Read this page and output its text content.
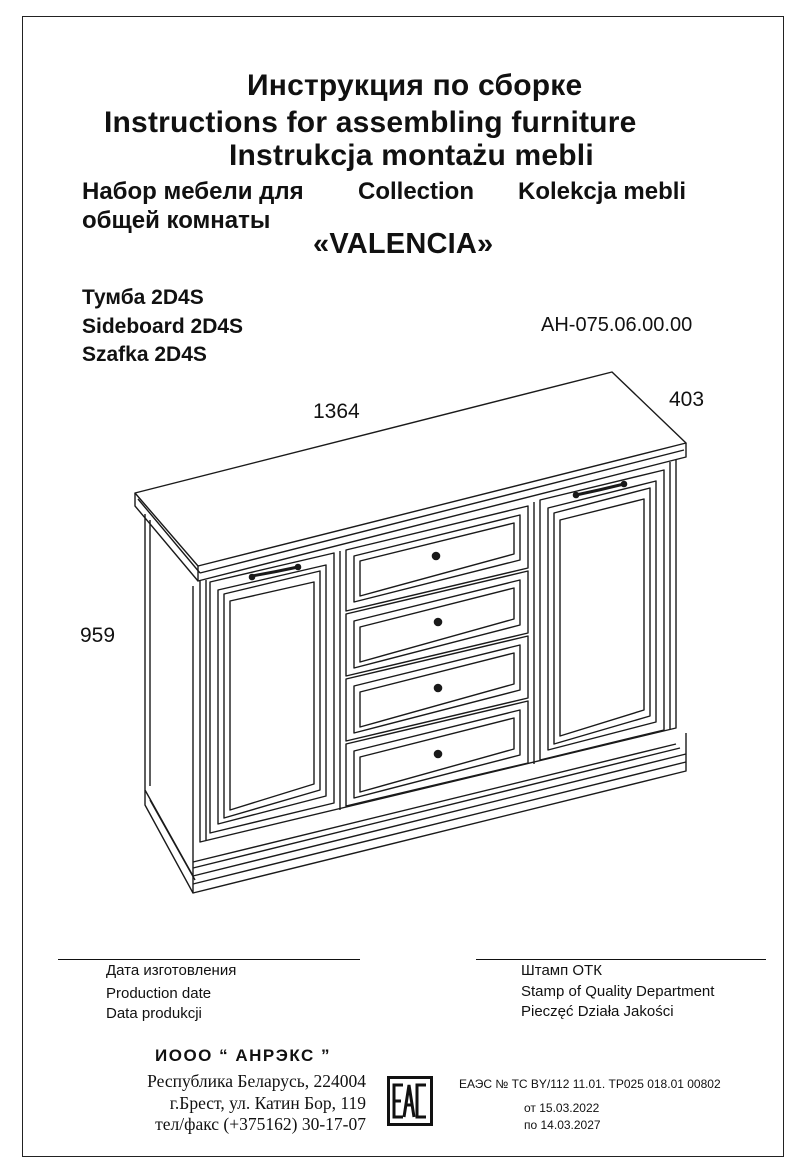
Инструкция по сборке
Instructions for assembling furniture
Instrukcja montażu mebli
Набор мебели для
общей комнаты
Collection Kolekcja mebli
«VALENCIA»
Тумба 2D4S
Sideboard 2D4S
Szafka 2D4S
АН-075.06.00.00
1364
403
959
Дата изготовления
Production date
Data produkcji
Штамп ОТК
Stamp of Quality Department
Pieczęć Działa Jakości
ИООО “ АНРЭКС ”
Республика Беларусь, 224004
г.Брест, ул. Катин Бор, 119
тел/факс (+375162) 30-17-07
ЕАЭС № ТС BY/112 11.01. ТР025 018.01 00802
от 15.03.2022
по 14.03.2027
